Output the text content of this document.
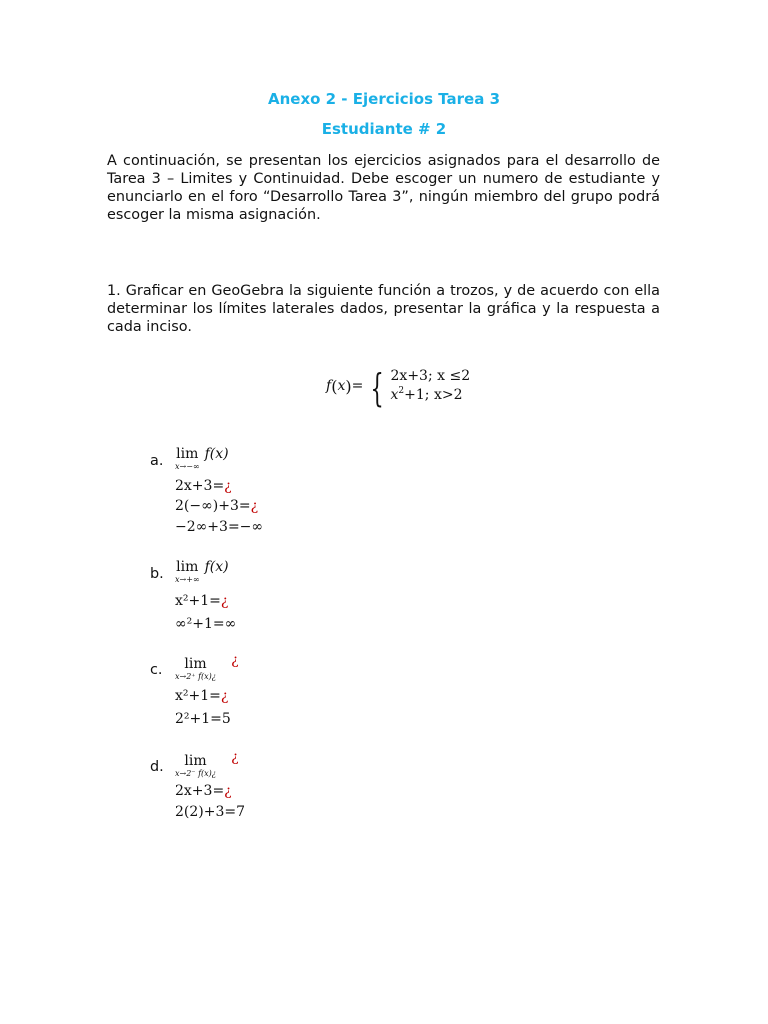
Anexo 2 - Ejercicios Tarea 3
Estudiante # 2
A continuación, se presentan los ejercicios asignados para el desarrollo de Tarea 3 – Limites y Continuidad. Debe escoger un numero de estudiante y enunciarlo en el foro “Desarrollo Tarea 3”, ningún miembro del grupo podrá escoger la misma asignación.
1. Graficar en GeoGebra la siguiente función a trozos, y de acuerdo con ella determinar los límites laterales dados, presentar la gráfica y la respuesta a cada inciso.
f ( x ) = { 2x+3; x ≤2
$x^2+1$; x>2
a. lim
x→−∞
f(x)
2x+3=¿
2(−∞)+3=¿
−2∞+3=−∞
b. lim
x→+∞
f(x)
x²+1=¿
∞²+1=∞
c. lim
x→2⁺ f(x)¿
¿
x²+1=¿
2²+1=5
d. lim
x→2⁻ f(x)¿
¿
2x+3=¿
2(2)+3=7
